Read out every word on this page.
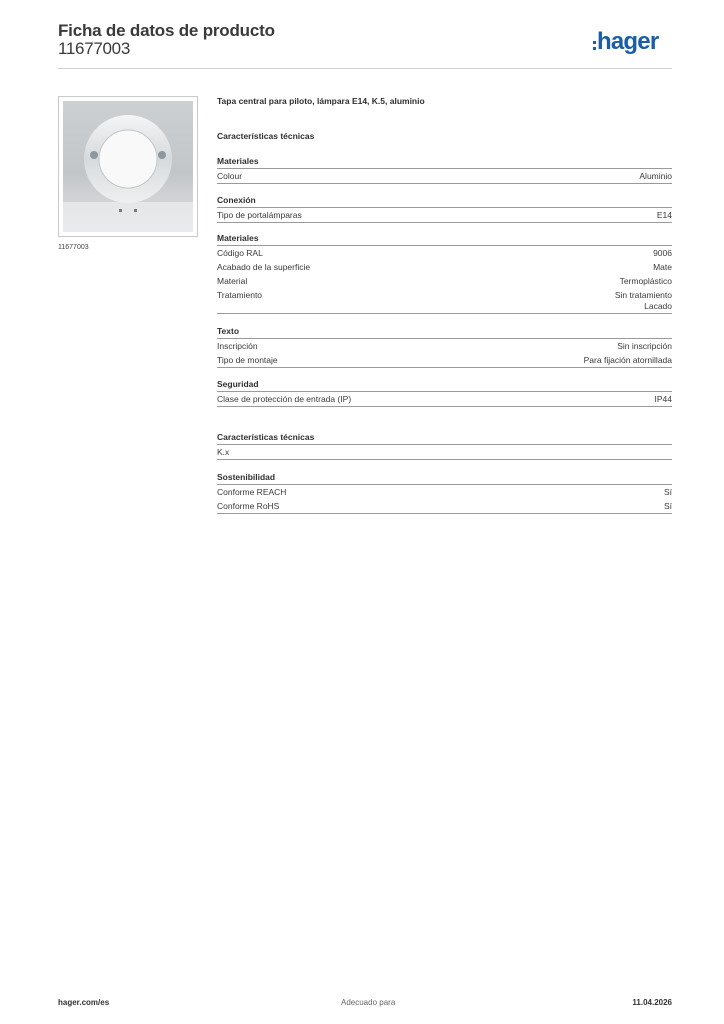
Ficha de datos de producto
11677003	hager
11677003
Tapa central para piloto, lámpara E14, K.5, aluminio
Características técnicas
Materiales
Colour	Aluminio
Conexión
Tipo de portalámparas	E14
Materiales
Código RAL	9006
Acabado de la superficie	Mate
Material	Termoplástico
Tratamiento	Sin tratamiento
Lacado
Texto
Inscripción	Sin inscripción
Tipo de montaje	Para fijación atornillada
Seguridad
Clase de protección de entrada (IP)	IP44
Características técnicas
K.x
Sostenibilidad
Conforme REACH	Sí
Conforme RoHS	Sí
hager.com/es	Adecuado para	11.04.2026
